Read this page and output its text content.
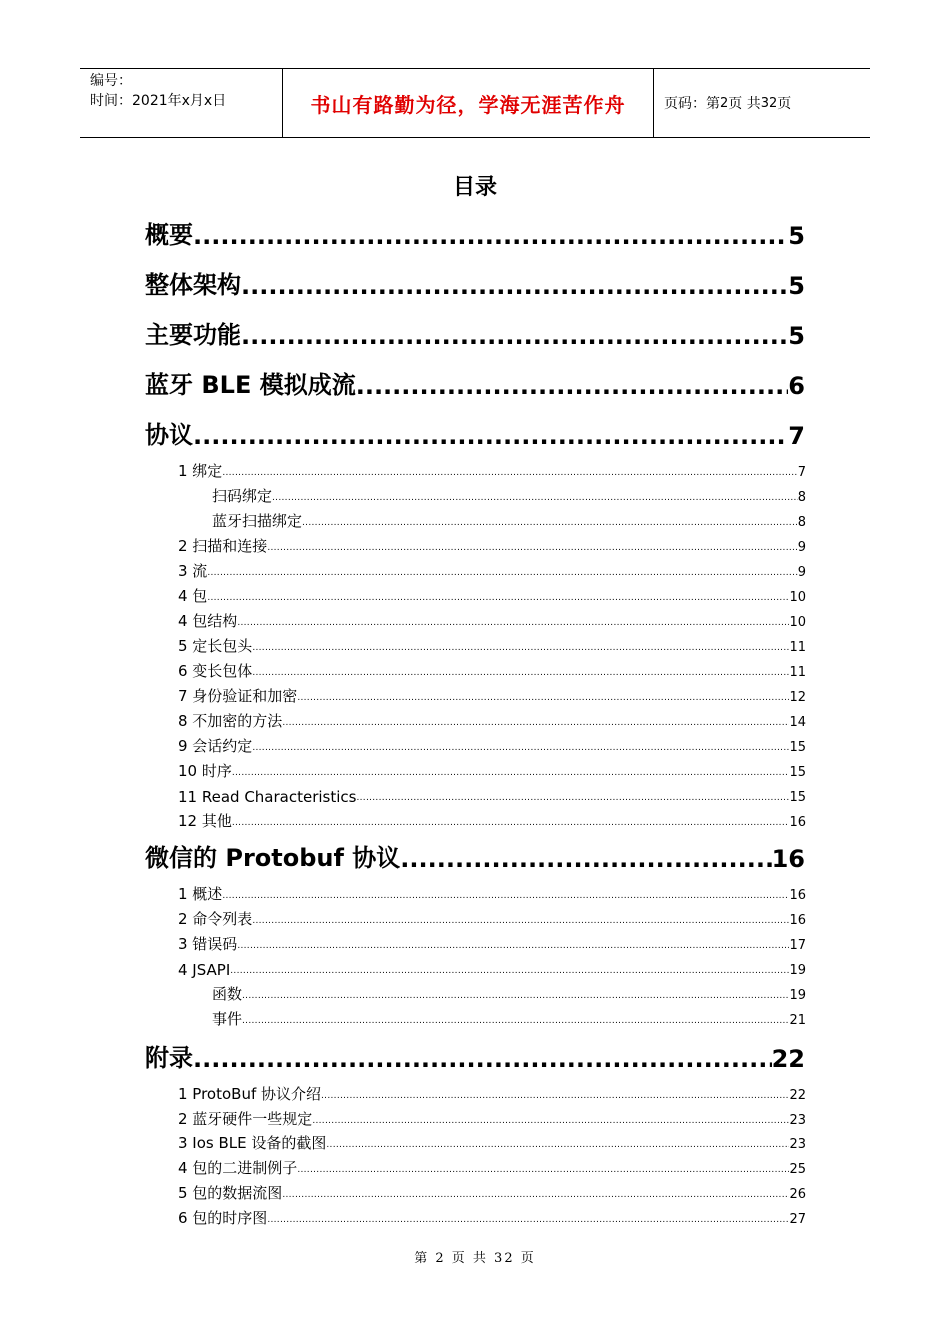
编号：
时间：2021年x月x日	书山有路勤为径，学海无涯苦作舟	页码：第 2 页 共 32 页
目录
概要 .....	5
整体架构 .....	5
主要功能 .....	5
蓝牙 BLE 模拟成流 .....	6
协议 .....	7
1 绑定 .....	7
扫码绑定 .....	8
蓝牙扫描绑定 .....	8
2 扫描和连接 .....	9
3 流 .....	9
4 包 .....	10
4 包结构 .....	10
5 定长包头 .....	11
6 变长包体 .....	11
7 身份验证和加密 .....	12
8 不加密的方法 .....	14
9 会话约定 .....	15
10 时序 .....	15
11 Read Characteristics .....	15
12 其他 .....	16
微信的 Protobuf 协议 .....	16
1 概述 .....	16
2 命令列表 .....	16
3 错误码 .....	17
4 JSAPI .....	19
函数 .....	19
事件 .....	21
附录 .....	22
1 ProtoBuf 协议介绍 .....	22
2 蓝牙硬件一些规定 .....	23
3 Ios BLE 设备的截图 .....	23
4 包的二进制例子 .....	25
5 包的数据流图 .....	26
6 包的时序图 .....	27
第 2 页 共 32 页
